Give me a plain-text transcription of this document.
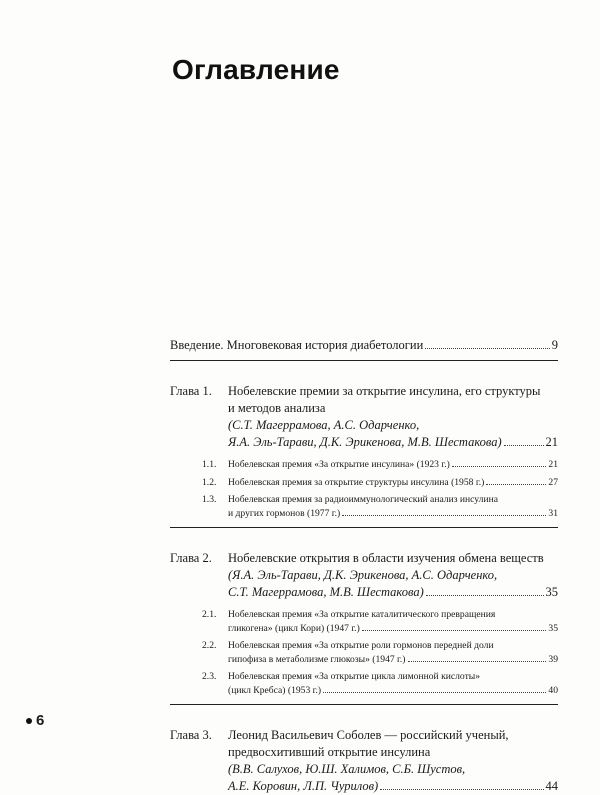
Оглавление
Введение. Многовековая история диабетологии	9
Глава 1.	Нобелевские премии за открытие инсулина, его структуры
и методов анализа
(С.Т. Магеррамова, А.С. Одарченко,
Я.А. Эль-Тарави, Д.К. Эрикенова, М.В. Шестакова)	21
1.1.	Нобелевская премия «За открытие инсулина» (1923 г.)	21
1.2.	Нобелевская премия за открытие структуры инсулина (1958 г.)	27
1.3.	Нобелевская премия за радиоиммунологический анализ инсулина
и других гормонов (1977 г.)	31
Глава 2.	Нобелевские открытия в области изучения обмена веществ
(Я.А. Эль-Тарави, Д.К. Эрикенова, А.С. Одарченко,
С.Т. Магеррамова, М.В. Шестакова)	35
2.1.	Нобелевская премия «За открытие каталитического превращения
гликогена» (цикл Кори) (1947 г.)	35
2.2.	Нобелевская премия «За открытие роли гормонов передней доли
гипофиза в метаболизме глюкозы» (1947 г.)	39
2.3.	Нобелевская премия «За открытие цикла лимонной кислоты»
(цикл Кребса) (1953 г.)	40
Глава 3.	Леонид Васильевич Соболев — российский ученый,
предвосхитивший открытие инсулина
(В.В. Салухов, Ю.Ш. Халимов, С.Б. Шустов,
А.Е. Коровин, Л.П. Чурилов)	44
6
